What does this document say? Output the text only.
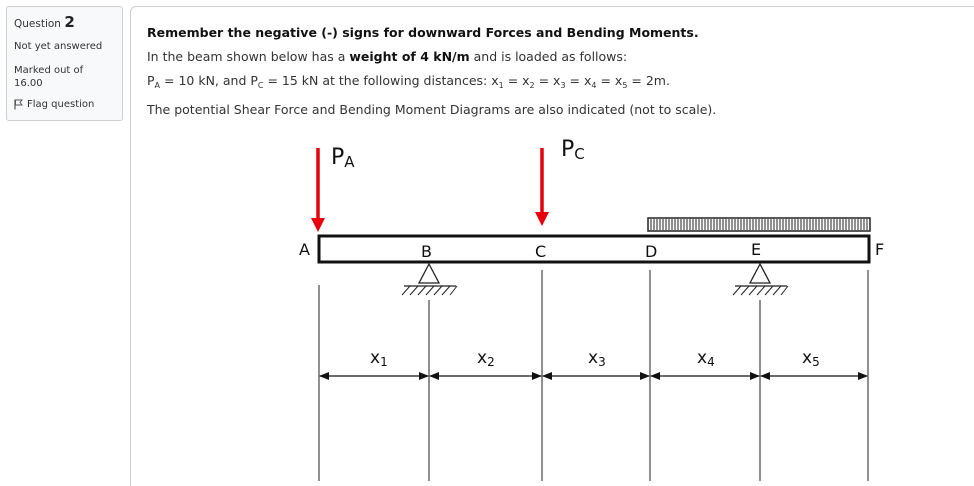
Question 2
Not yet answered
Marked out of
16.00
Flag question
Remember the negative (-) signs for downward Forces and Bending Moments.
In the beam shown below has a weight of 4 kN/m and is loaded as follows:
$P_A = 10$ kN, and $P_C = 15$ kN at the following distances: $x_1 = x_2 = x_3 = x_4 = x_5 = 2m$.
The potential Shear Force and Bending Moment Diagrams are also indicated (not to scale).
PA	PC
A	B	C	D	E	F
x1	x2	x3	x4	x5
